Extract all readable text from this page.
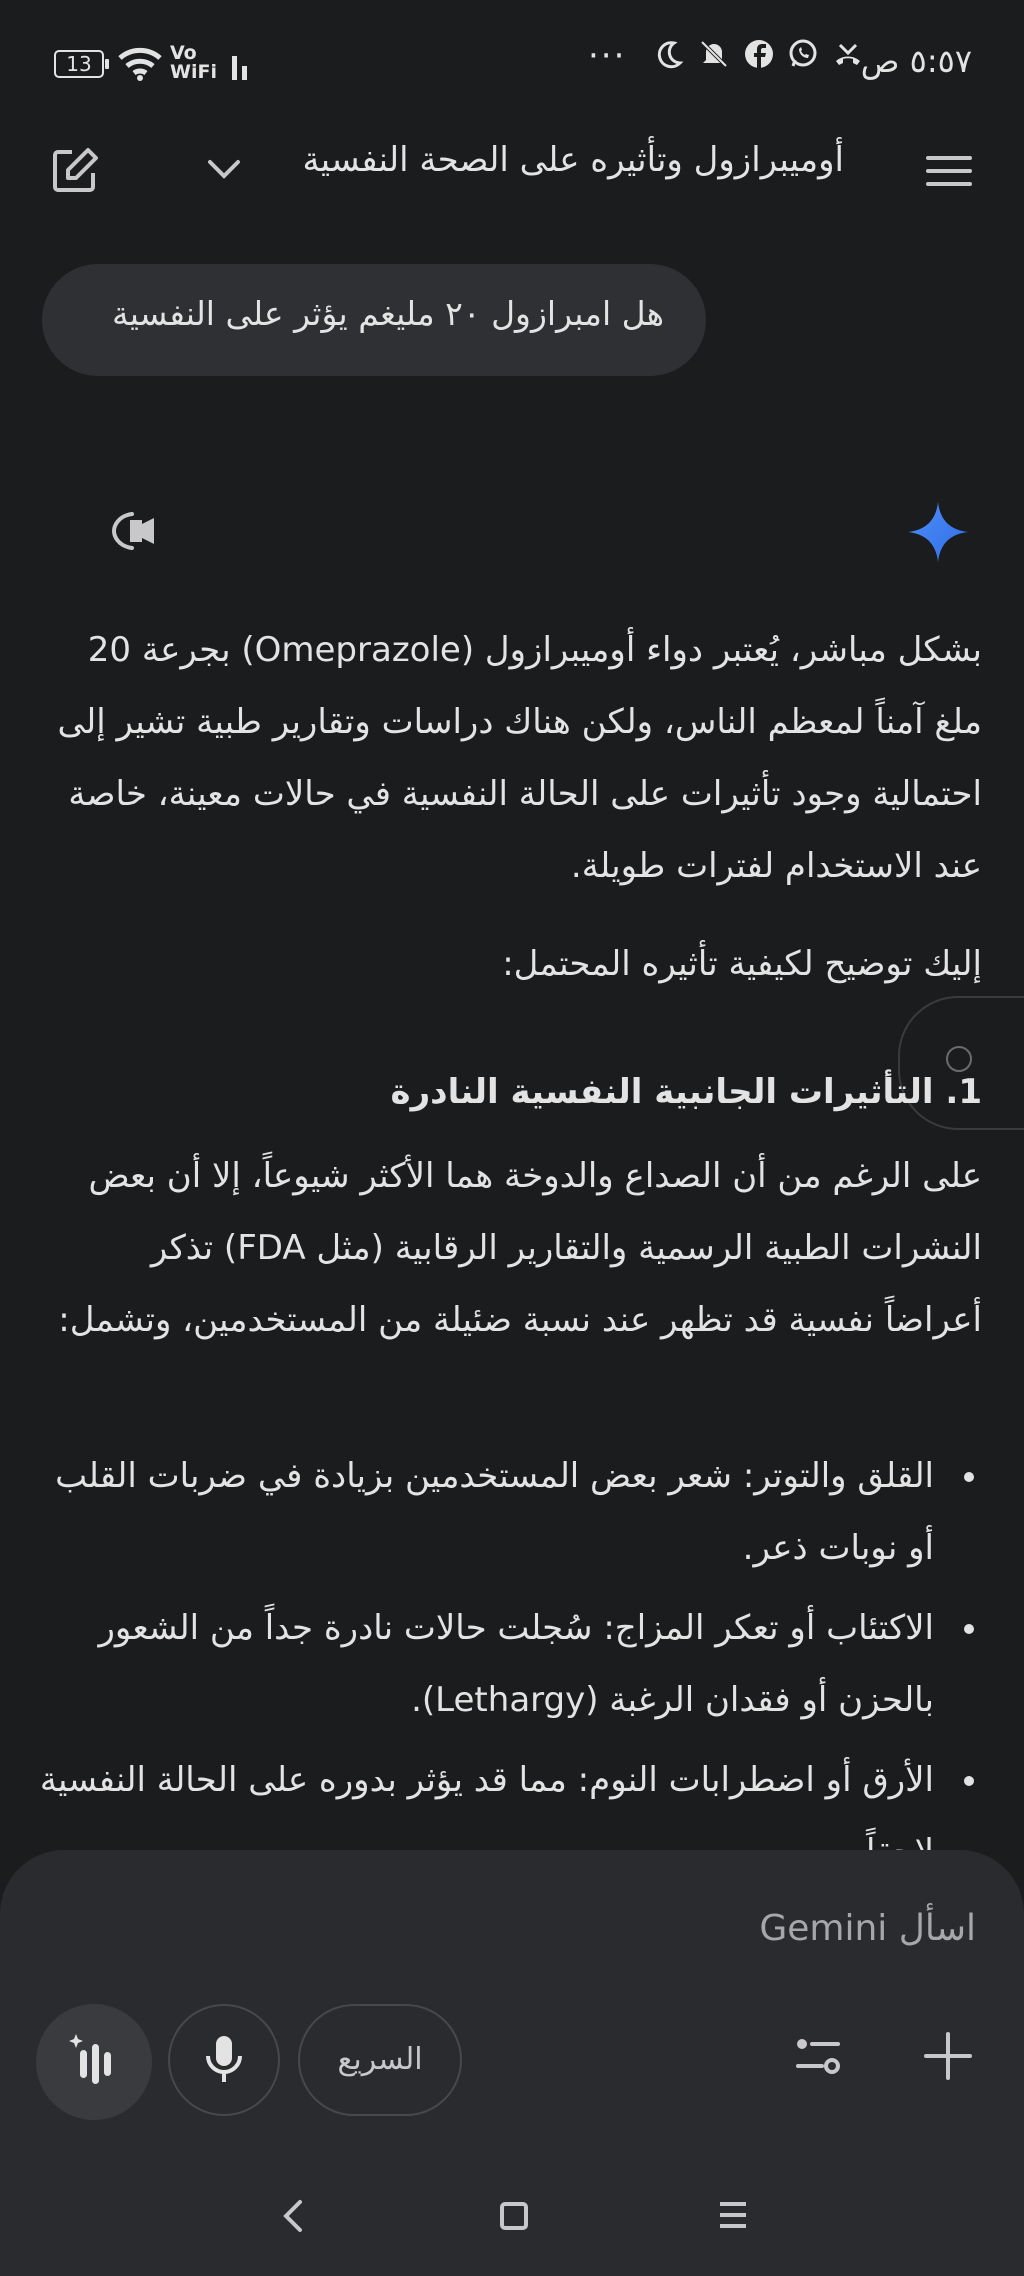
٥:٥٧ ص
···
Vo
WiFi
13
أوميبرازول وتأثيره على الصحة النفسية
هل امبرازول ٢٠ مليغم يؤثر على النفسية
بشكل مباشر، يُعتبر دواء أوميبرازول (Omeprazole) بجرعة 20 ملغ آمناً لمعظم الناس، ولكن هناك دراسات وتقارير طبية تشير إلى احتمالية وجود تأثيرات على الحالة النفسية في حالات معينة، خاصة عند الاستخدام لفترات طويلة.
إليك توضيح لكيفية تأثيره المحتمل:
1. التأثيرات الجانبية النفسية النادرة
على الرغم من أن الصداع والدوخة هما الأكثر شيوعاً، إلا أن بعض النشرات الطبية الرسمية والتقارير الرقابية (مثل FDA) تذكر أعراضاً نفسية قد تظهر عند نسبة ضئيلة من المستخدمين، وتشمل:
القلق والتوتر: شعر بعض المستخدمين بزيادة في ضربات القلب أو نوبات ذعر.
الاكتئاب أو تعكر المزاج: سُجلت حالات نادرة جداً من الشعور بالحزن أو فقدان الرغبة (Lethargy).
الأرق أو اضطرابات النوم: مما قد يؤثر بدوره على الحالة النفسية
اسأل Gemini
السريع
